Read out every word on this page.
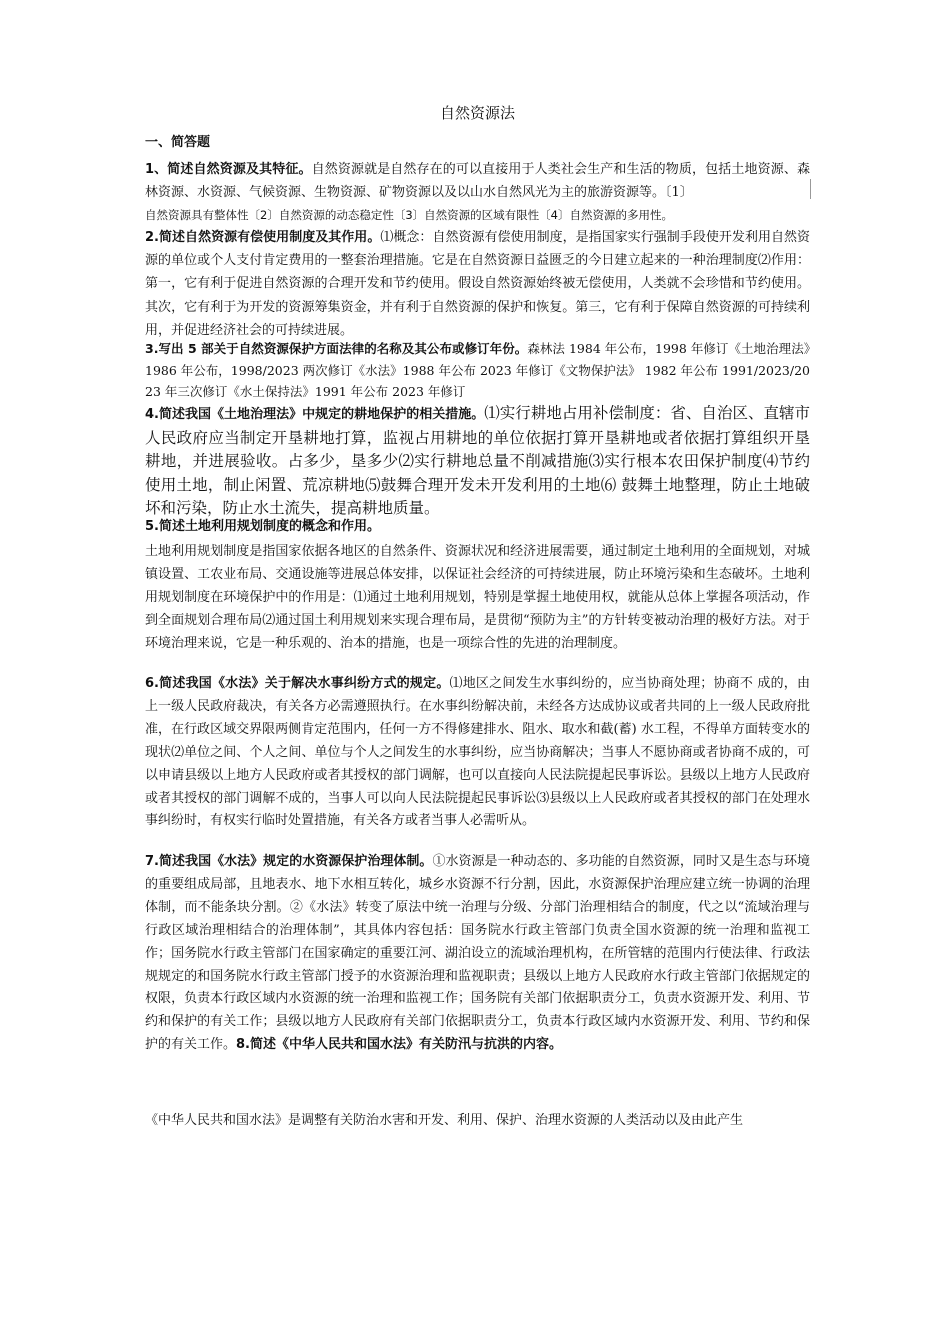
自然资源法
一、简答题
1、简述自然资源及其特征。自然资源就是自然存在的可以直接用于人类社会生产和生活的物质，包括土地资源、森林资源、水资源、气候资源、生物资源、矿物资源以及以山水自然风光为主的旅游资源等。〔1〕
自然资源具有整体性〔2〕自然资源的动态稳定性〔3〕自然资源的区域有限性〔4〕自然资源的多用性。
2.简述自然资源有偿使用制度及其作用。⑴概念：自然资源有偿使用制度，是指国家实行强制手段使开发利用自然资源的单位或个人支付肯定费用的一整套治理措施。它是在自然资源日益匮乏的今日建立起来的一种治理制度⑵作用：第一，它有利于促进自然资源的合理开发和节约使用。假设自然资源始终被无偿使用，人类就不会珍惜和节约使用。 其次，它有利于为开发的资源筹集资金，并有利于自然资源的保护和恢复。第三，它有利于保障自然资源的可持续利用，并促进经济社会的可持续进展。
3.写出 5 部关于自然资源保护方面法律的名称及其公布或修订年份。森林法 1984 年公布，1998 年修订《土地治理法》1986 年公布，1998/2023 两次修订《水法》1988 年公布 2023 年修订《文物保护法》 1982 年公布 1991/2023/2023 年三次修订《水土保持法》1991 年公布 2023 年修订
4.简述我国《土地治理法》中规定的耕地保护的相关措施。⑴实行耕地占用补偿制度：省、自治区、直辖市人民政府应当制定开垦耕地打算，监视占用耕地的单位依据打算开垦耕地或者依据打算组织开垦耕地，并进展验收。占多少，垦多少⑵实行耕地总量不削减措施⑶实行根本农田保护制度⑷节约使用土地，制止闲置、荒凉耕地⑸鼓舞合理开发未开发利用的土地⑹ 鼓舞土地整理，防止土地破坏和污染，防止水土流失，提高耕地质量。
5.简述土地利用规划制度的概念和作用。
土地利用规划制度是指国家依据各地区的自然条件、资源状况和经济进展需要，通过制定土地利用的全面规划，对城镇设置、工农业布局、交通设施等进展总体安排，以保证社会经济的可持续进展，防止环境污染和生态破坏。土地利用规划制度在环境保护中的作用是：⑴通过土地利用规划，特别是掌握土地使用权，就能从总体上掌握各项活动，作到全面规划合理布局⑵通过国土利用规划来实现合理布局，是贯彻“预防为主”的方针转变被动治理的极好方法。对于环境治理来说，它是一种乐观的、治本的措施，也是一项综合性的先进的治理制度。
6.简述我国《水法》关于解决水事纠纷方式的规定。⑴地区之间发生水事纠纷的，应当协商处理；协商不 成的，由上一级人民政府裁决，有关各方必需遵照执行。在水事纠纷解决前，未经各方达成协议或者共同的上一级人民政府批准，在行政区域交界限两侧肯定范围内，任何一方不得修建排水、阻水、取水和截(蓄) 水工程，不得单方面转变水的现状⑵单位之间、个人之间、单位与个人之间发生的水事纠纷，应当协商解决；当事人不愿协商或者协商不成的，可以申请县级以上地方人民政府或者其授权的部门调解，也可以直接向人民法院提起民事诉讼。县级以上地方人民政府或者其授权的部门调解不成的，当事人可以向人民法院提起民事诉讼⑶县级以上人民政府或者其授权的部门在处理水事纠纷时，有权实行临时处置措施，有关各方或者当事人必需听从。
7.简述我国《水法》规定的水资源保护治理体制。①水资源是一种动态的、多功能的自然资源，同时又是生态与环境的重要组成局部，且地表水、地下水相互转化，城乡水资源不行分割，因此，水资源保护治理应建立统一协调的治理体制，而不能条块分割。②《水法》转变了原法中统一治理与分级、分部门治理相结合的制度，代之以“流域治理与行政区域治理相结合的治理体制”，其具体内容包括：国务院水行政主管部门负责全国水资源的统一治理和监视工作；国务院水行政主管部门在国家确定的重要江河、湖泊设立的流域治理机构，在所管辖的范围内行使法律、行政法规规定的和国务院水行政主管部门授予的水资源治理和监视职责；县级以上地方人民政府水行政主管部门依据规定的权限，负责本行政区域内水资源的统一治理和监视工作；国务院有关部门依据职责分工，负责水资源开发、利用、节约和保护的有关工作；县级以地方人民政府有关部门依据职责分工，负责本行政区域内水资源开发、利用、节约和保护的有关工作。8.简述《中华人民共和国水法》有关防汛与抗洪的内容。
《中华人民共和国水法》是调整有关防治水害和开发、利用、保护、治理水资源的人类活动以及由此产生
